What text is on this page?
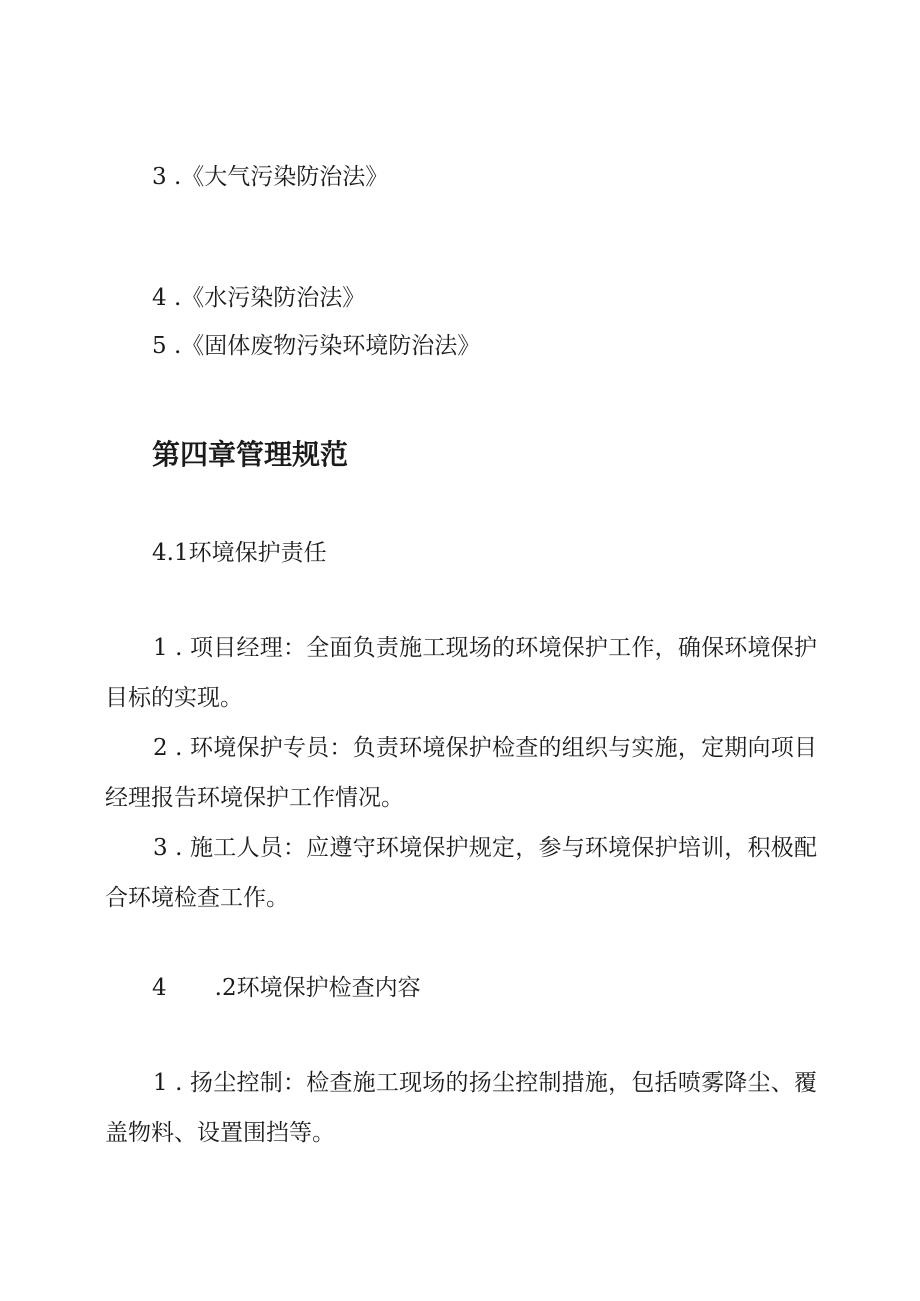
3 .《大气污染防治法》
4 .《水污染防治法》
5 .《固体废物污染环境防治法》
第四章管理规范
4.1环境保护责任
1 . 项目经理：全面负责施工现场的环境保护工作，确保环境保护目标的实现。
2 . 环境保护专员：负责环境保护检查的组织与实施，定期向项目经理报告环境保护工作情况。
3 . 施工人员：应遵守环境保护规定，参与环境保护培训，积极配合环境检查工作。
4 .2环境保护检查内容
1 . 扬尘控制：检查施工现场的扬尘控制措施，包括喷雾降尘、覆盖物料、设置围挡等。
